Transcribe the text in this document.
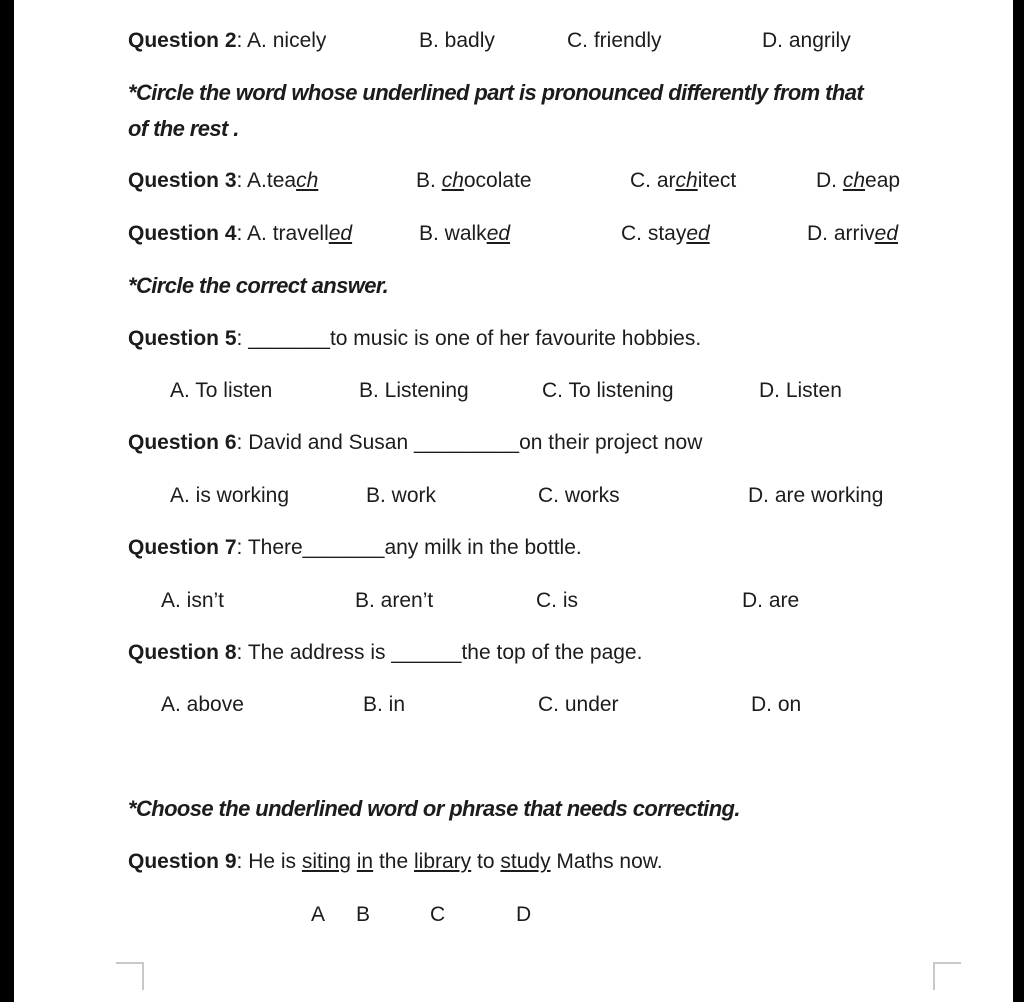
Question 2: A. nicely	B. badly	C. friendly	D. angrily
*Circle the word whose underlined part is pronounced differently from that
of the rest .
Question 3: A.teach	B. chocolate	C. architect	D. cheap
Question 4: A. travelled	B. walked	C. stayed	D. arrived
*Circle the correct answer.
Question 5: _______to music is one of her favourite hobbies.
A. To listen	B. Listening	C. To listening	D. Listen
Question 6: David and Susan _________on their project now
A. is working	B. work	C. works	D. are working
Question 7: There_______any milk in the bottle.
A. isn’t	B. aren’t	C. is	D. are
Question 8: The address is ______the top of the page.
A. above	B. in	C. under	D. on
*Choose the underlined word or phrase that needs correcting.
Question 9: He is siting in the library to study Maths now.
A B	C	D
